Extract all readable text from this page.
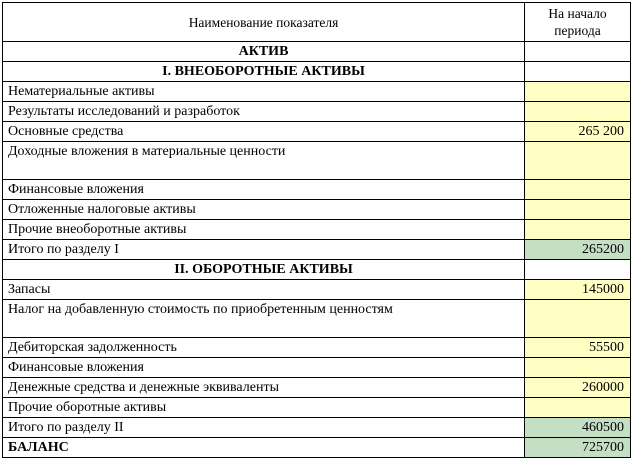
Наименование показателя	На начало периода
АКТИВ	
I. ВНЕОБОРОТНЫЕ АКТИВЫ	
Нематериальные активы	
Результаты исследований и разработок	
Основные средства	265 200
Доходные вложения в материальные ценности	
Финансовые вложения	
Отложенные налоговые активы	
Прочие внеоборотные активы	
Итого по разделу I	265200
II. ОБОРОТНЫЕ АКТИВЫ	
Запасы	145000
Налог на добавленную стоимость по приобретенным ценностям	
Дебиторская задолженность	55500
Финансовые вложения	
Денежные средства и денежные эквиваленты	260000
Прочие оборотные активы	
Итого по разделу II	460500
БАЛАНС	725700
